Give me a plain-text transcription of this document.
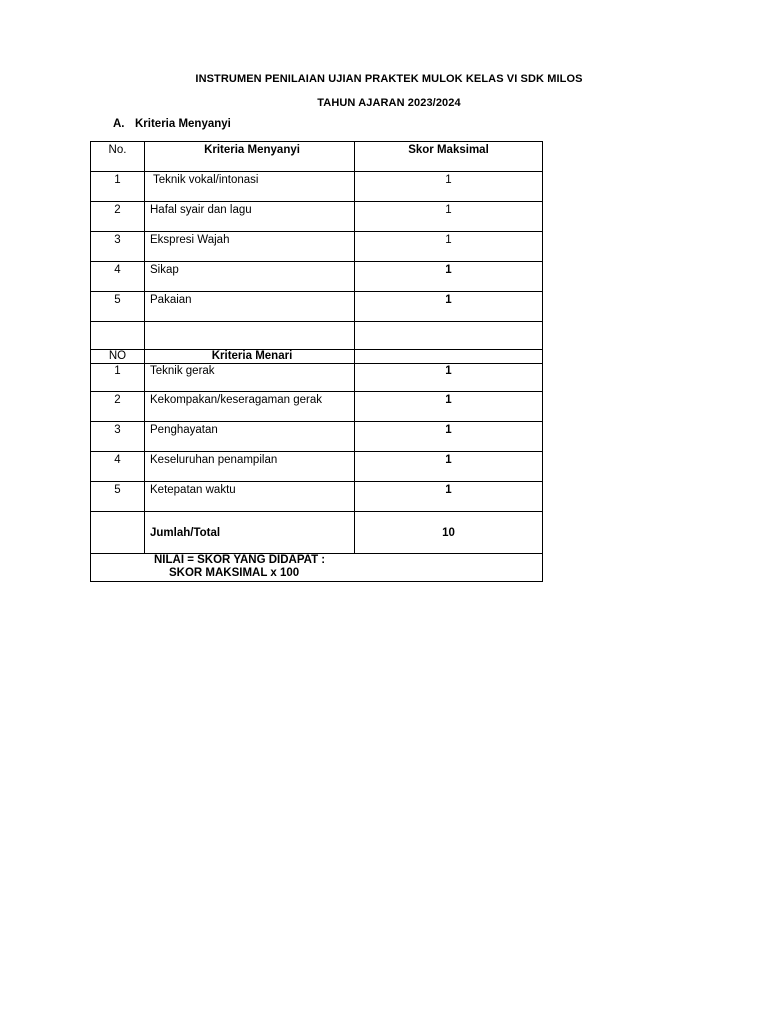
INSTRUMEN PENILAIAN UJIAN PRAKTEK MULOK KELAS VI SDK MILOS
TAHUN AJARAN 2023/2024
A. Kriteria Menyanyi
No.	Kriteria Menyanyi	Skor Maksimal
1	Teknik vokal/intonasi	1
2	Hafal syair dan lagu	1
3	Ekspresi Wajah	1
4	Sikap	1
5	Pakaian	1

NO	Kriteria Menari	
1	Teknik gerak	1
2	Kekompakan/keseragaman gerak	1
3	Penghayatan	1
4	Keseluruhan penampilan	1
5	Ketepatan waktu	1
	Jumlah/Total	10

NILAI = SKOR YANG DIDAPAT :
SKOR MAKSIMAL x 100		
